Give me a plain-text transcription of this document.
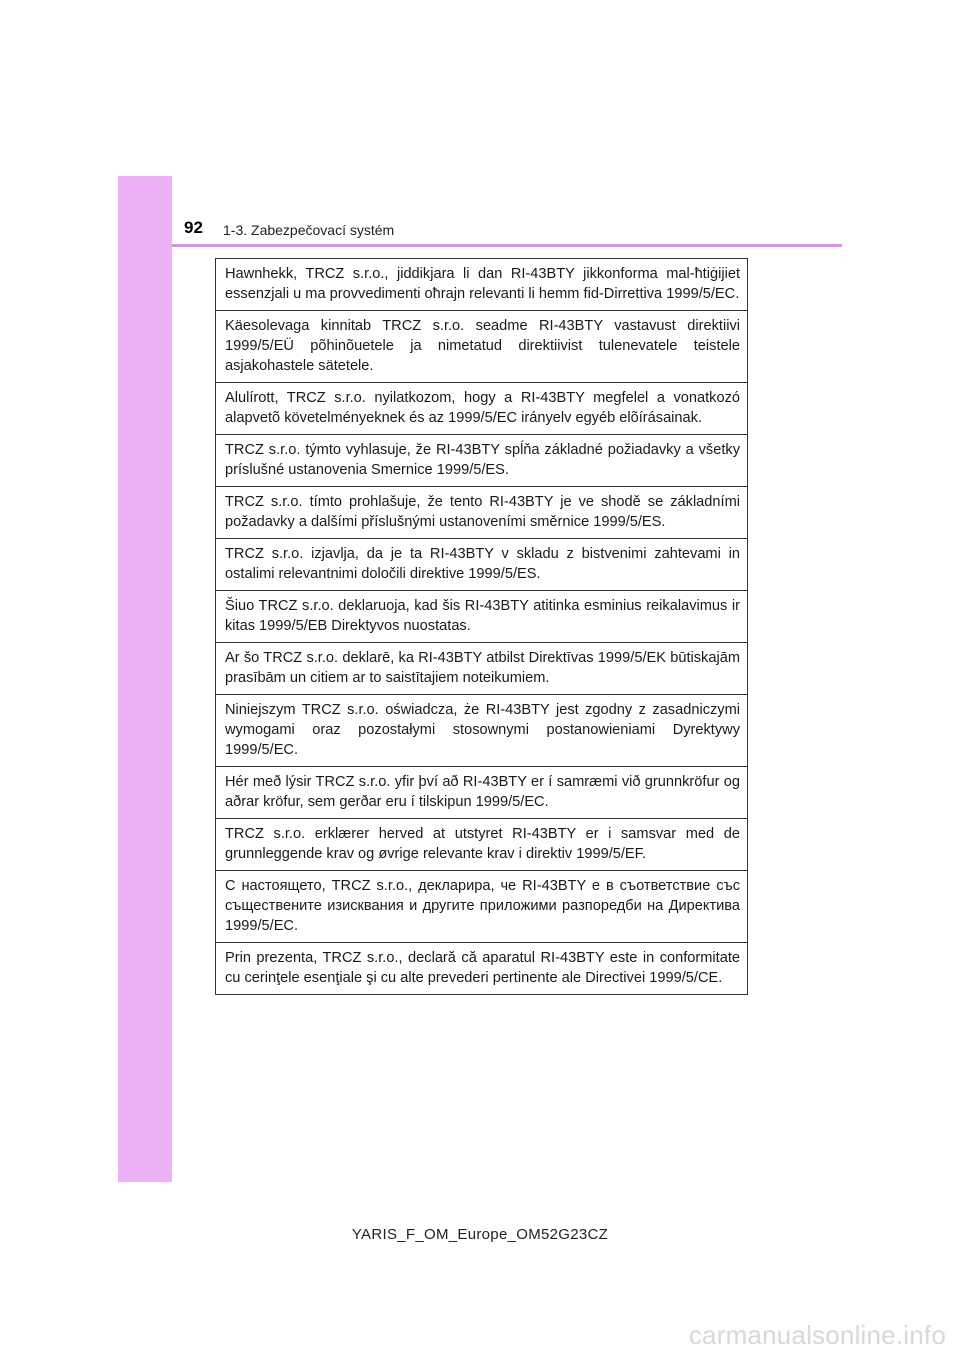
92 1-3. Zabezpečovací systém
Hawnhekk, TRCZ s.r.o., jiddikjara li dan RI-43BTY jikkonforma mal-ħtiġijiet essenzjali u ma provvedimenti oħrajn relevanti li hemm fid-Dirrettiva 1999/5/EC.
Käesolevaga kinnitab TRCZ s.r.o. seadme RI-43BTY vastavust direktiivi 1999/5/EÜ põhinõuetele ja nimetatud direktiivist tulenevatele teistele asjakohastele sätetele.
Alulírott, TRCZ s.r.o. nyilatkozom, hogy a RI-43BTY megfelel a vonatkozó alapvetõ követelményeknek és az 1999/5/EC irányelv egyéb elõírásainak.
TRCZ s.r.o. týmto vyhlasuje, že RI-43BTY spĺňa základné požiadavky a všetky príslušné ustanovenia Smernice 1999/5/ES.
TRCZ s.r.o. tímto prohlašuje, že tento RI-43BTY je ve shodě se základními požadavky a dalšími příslušnými ustanoveními směrnice 1999/5/ES.
TRCZ s.r.o. izjavlja, da je ta RI-43BTY v skladu z bistvenimi zahtevami in ostalimi relevantnimi določili direktive 1999/5/ES.
Šiuo TRCZ s.r.o. deklaruoja, kad šis RI-43BTY atitinka esminius reikalavimus ir kitas 1999/5/EB Direktyvos nuostatas.
Ar šo TRCZ s.r.o. deklarē, ka RI-43BTY atbilst Direktīvas 1999/5/EK būtiskajām prasībām un citiem ar to saistītajiem noteikumiem.
Niniejszym TRCZ s.r.o. oświadcza, że RI-43BTY jest zgodny z zasadniczymi wymogami oraz pozostałymi stosownymi postanowieniami Dyrektywy 1999/5/EC.
Hér með lýsir TRCZ s.r.o. yfir því að RI-43BTY er í samræmi við grunnkröfur og aðrar kröfur, sem gerðar eru í tilskipun 1999/5/EC.
TRCZ s.r.o. erklærer herved at utstyret RI-43BTY er i samsvar med de grunnleggende krav og øvrige relevante krav i direktiv 1999/5/EF.
С настоящето, TRCZ s.r.o., декларира, че RI-43BTY е в съответствие със съществените изисквания и другите приложими разпоредби на Директива 1999/5/EC.
Prin prezenta, TRCZ s.r.o., declară că aparatul RI-43BTY este in conformitate cu cerinţele esenţiale şi cu alte prevederi pertinente ale Directivei 1999/5/CE.
YARIS_F_OM_Europe_OM52G23CZ
carmanualsonline.info
